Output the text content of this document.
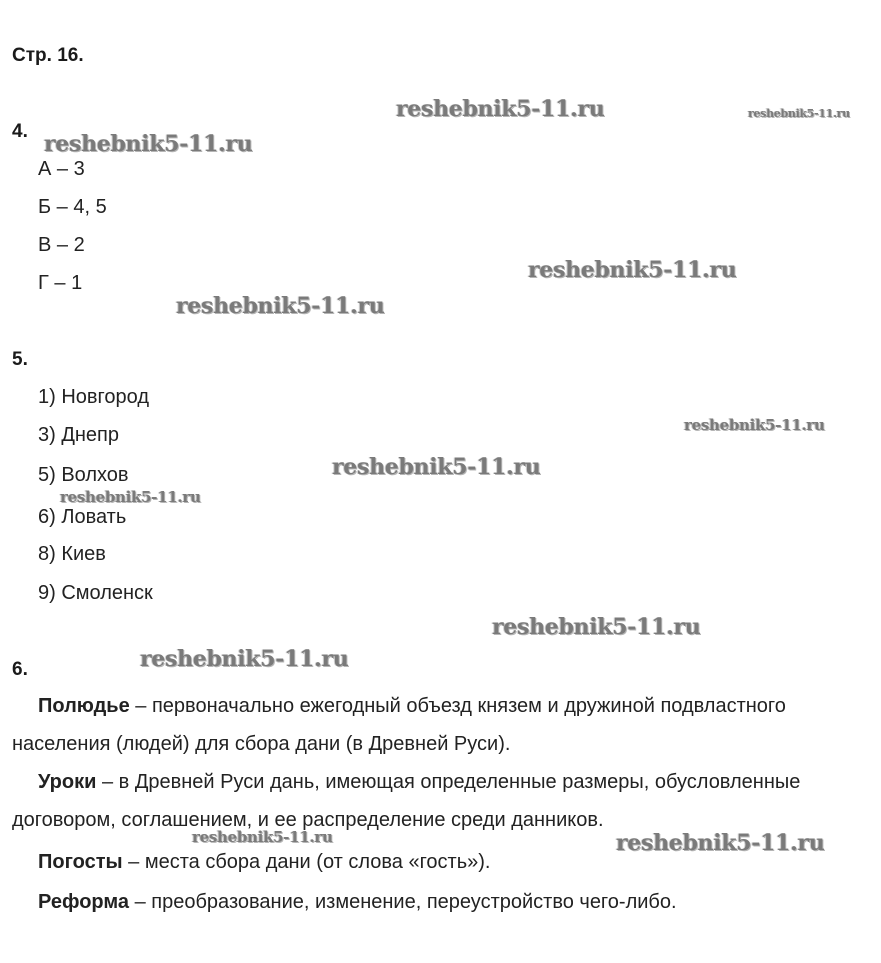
Стр. 16.
4.
А – 3
Б – 4, 5
В – 2
Г – 1
5.
1) Новгород
3) Днепр
5) Волхов
6) Ловать
8) Киев
9) Смоленск
6.
Полюдье – первоначально ежегодный объезд князем и дружиной подвластного населения (людей) для сбора дани (в Древней Руси).
Уроки – в Древней Руси дань, имеющая определенные размеры, обусловленные договором, соглашением, и ее распределение среди данников.
Погосты – места сбора дани (от слова «гость»).
Реформа – преобразование, изменение, переустройство чего-либо.
reshebnik5-11.ru	reshebnik5-11.ru
reshebnik5-11.ru
reshebnik5-11.ru
reshebnik5-11.ru
reshebnik5-11.ru
reshebnik5-11.ru
reshebnik5-11.ru
reshebnik5-11.ru
reshebnik5-11.ru
reshebnik5-11.ru	reshebnik5-11.ru
